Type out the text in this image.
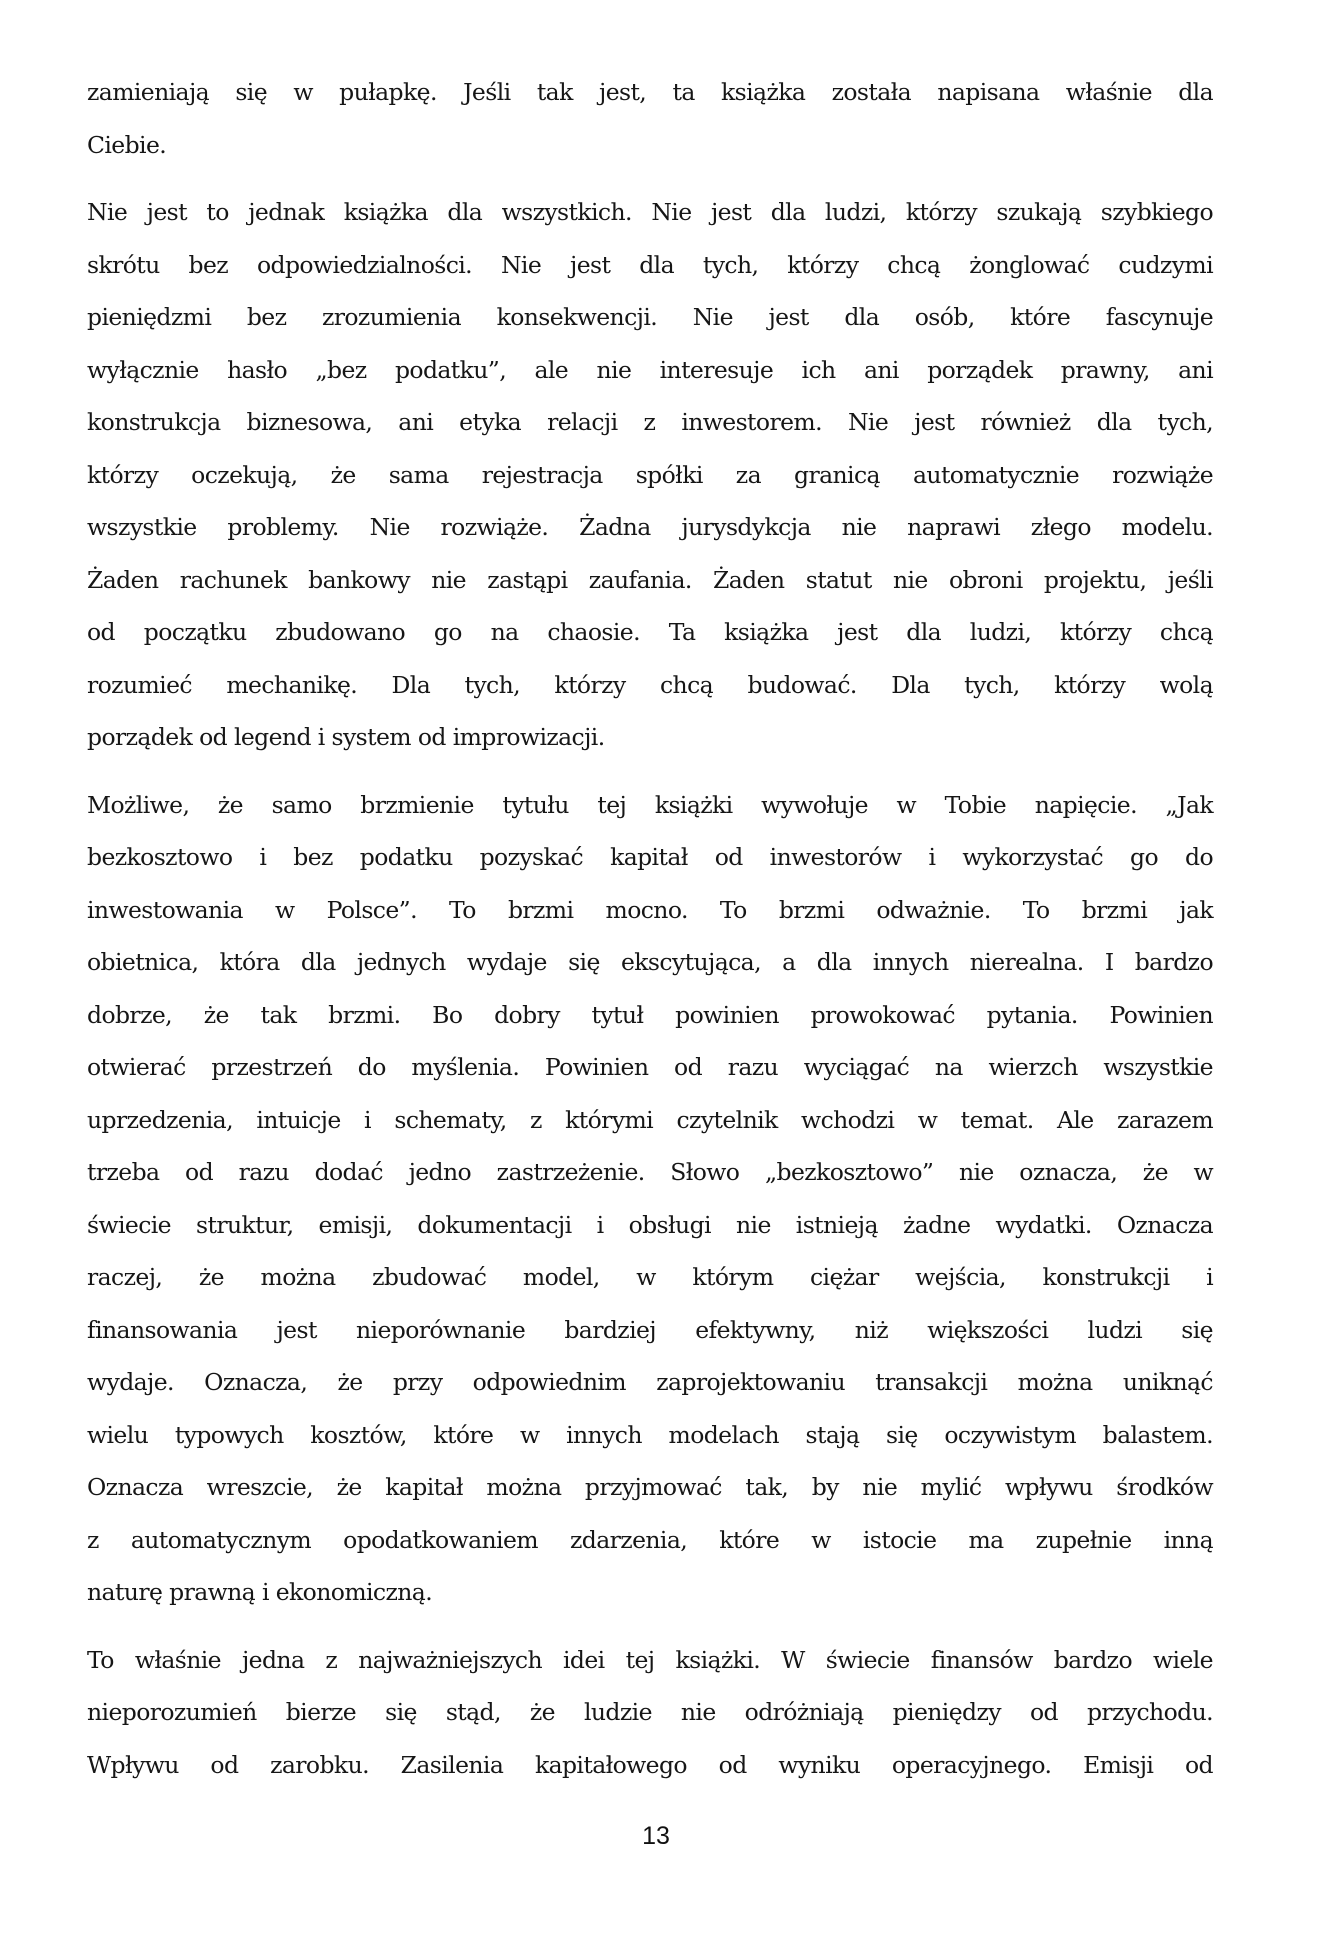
zamieniają się w pułapkę. Jeśli tak jest, ta książka została napisana właśnie dla
Ciebie.
Nie jest to jednak książka dla wszystkich. Nie jest dla ludzi, którzy szukają szybkiego
skrótu bez odpowiedzialności. Nie jest dla tych, którzy chcą żonglować cudzymi
pieniędzmi bez zrozumienia konsekwencji. Nie jest dla osób, które fascynuje
wyłącznie hasło „bez podatku”, ale nie interesuje ich ani porządek prawny, ani
konstrukcja biznesowa, ani etyka relacji z inwestorem. Nie jest również dla tych,
którzy oczekują, że sama rejestracja spółki za granicą automatycznie rozwiąże
wszystkie problemy. Nie rozwiąże. Żadna jurysdykcja nie naprawi złego modelu.
Żaden rachunek bankowy nie zastąpi zaufania. Żaden statut nie obroni projektu, jeśli
od początku zbudowano go na chaosie. Ta książka jest dla ludzi, którzy chcą
rozumieć mechanikę. Dla tych, którzy chcą budować. Dla tych, którzy wolą
porządek od legend i system od improwizacji.
Możliwe, że samo brzmienie tytułu tej książki wywołuje w Tobie napięcie. „Jak
bezkosztowo i bez podatku pozyskać kapitał od inwestorów i wykorzystać go do
inwestowania w Polsce”. To brzmi mocno. To brzmi odważnie. To brzmi jak
obietnica, która dla jednych wydaje się ekscytująca, a dla innych nierealna. I bardzo
dobrze, że tak brzmi. Bo dobry tytuł powinien prowokować pytania. Powinien
otwierać przestrzeń do myślenia. Powinien od razu wyciągać na wierzch wszystkie
uprzedzenia, intuicje i schematy, z którymi czytelnik wchodzi w temat. Ale zarazem
trzeba od razu dodać jedno zastrzeżenie. Słowo „bezkosztowo” nie oznacza, że w
świecie struktur, emisji, dokumentacji i obsługi nie istnieją żadne wydatki. Oznacza
raczej, że można zbudować model, w którym ciężar wejścia, konstrukcji i
finansowania jest nieporównanie bardziej efektywny, niż większości ludzi się
wydaje. Oznacza, że przy odpowiednim zaprojektowaniu transakcji można uniknąć
wielu typowych kosztów, które w innych modelach stają się oczywistym balastem.
Oznacza wreszcie, że kapitał można przyjmować tak, by nie mylić wpływu środków
z automatycznym opodatkowaniem zdarzenia, które w istocie ma zupełnie inną
naturę prawną i ekonomiczną.
To właśnie jedna z najważniejszych idei tej książki. W świecie finansów bardzo wiele
nieporozumień bierze się stąd, że ludzie nie odróżniają pieniędzy od przychodu.
Wpływu od zarobku. Zasilenia kapitałowego od wyniku operacyjnego. Emisji od
13
